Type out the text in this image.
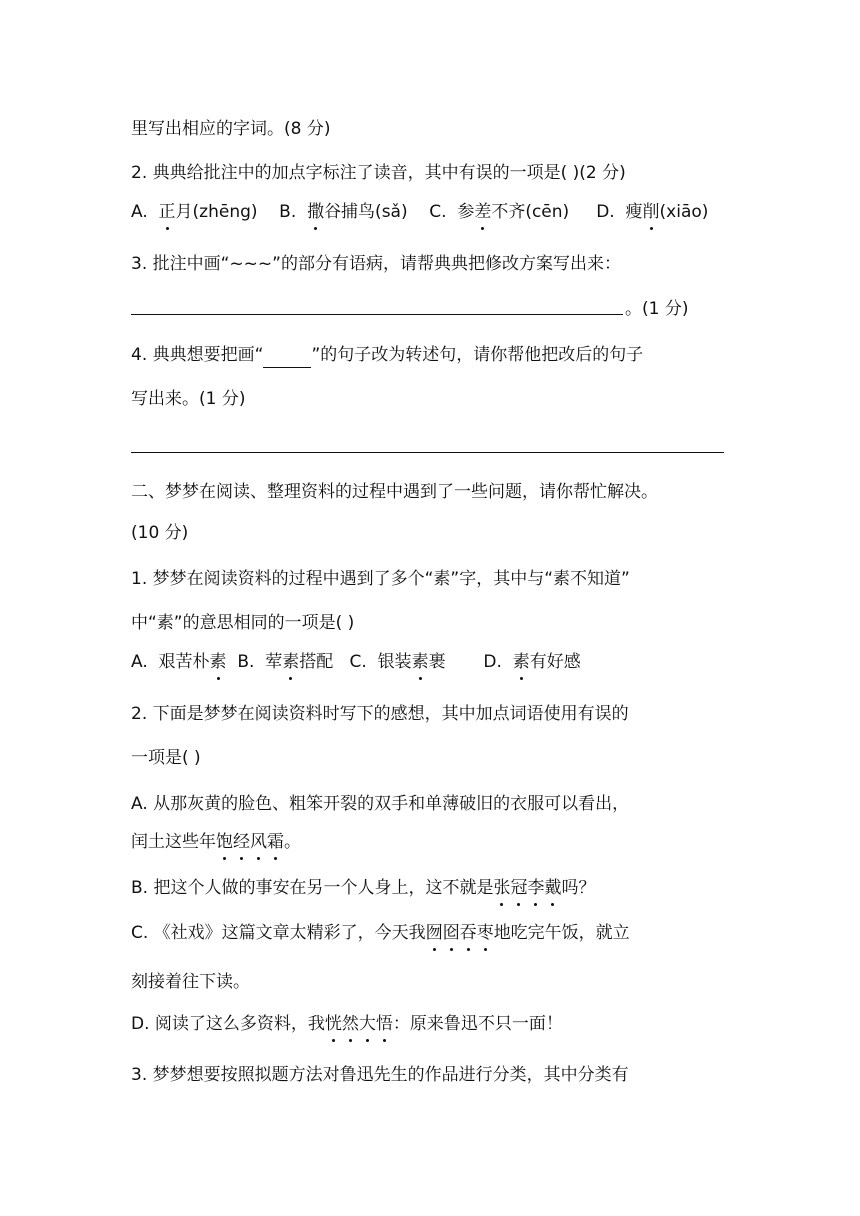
里写出相应的字词。(8 分)
2. 典典给批注中的加点字标注了读音，其中有误的一项是( )(2 分)
A. 正月(zhēng) B. 撒谷捕鸟(sǎ) C. 参差不齐(cēn) D. 瘦削(xiāo)
3. 批注中画“~~~”的部分有语病，请帮典典把修改方案写出来：
。(1 分)
4. 典典想要把画“	”的句子改为转述句，请你帮他把改后的句子
写出来。(1 分)
二、梦梦在阅读、整理资料的过程中遇到了一些问题，请你帮忙解决。
(10 分)
1. 梦梦在阅读资料的过程中遇到了多个“素”字，其中与“素不知道”
中“素”的意思相同的一项是( )
A. 艰苦朴素 B. 荤素搭配 C. 银装素裹 D. 素有好感
2. 下面是梦梦在阅读资料时写下的感想，其中加点词语使用有误的
一项是( )
A. 从那灰黄的脸色、粗笨开裂的双手和单薄破旧的衣服可以看出，
闰土这些年饱经风霜。
B. 把这个人做的事安在另一个人身上，这不就是张冠李戴吗？
C. 《社戏》这篇文章太精彩了，今天我囫囵吞枣地吃完午饭，就立
刻接着往下读。
D. 阅读了这么多资料，我恍然大悟：原来鲁迅不只一面！
3. 梦梦想要按照拟题方法对鲁迅先生的作品进行分类，其中分类有
